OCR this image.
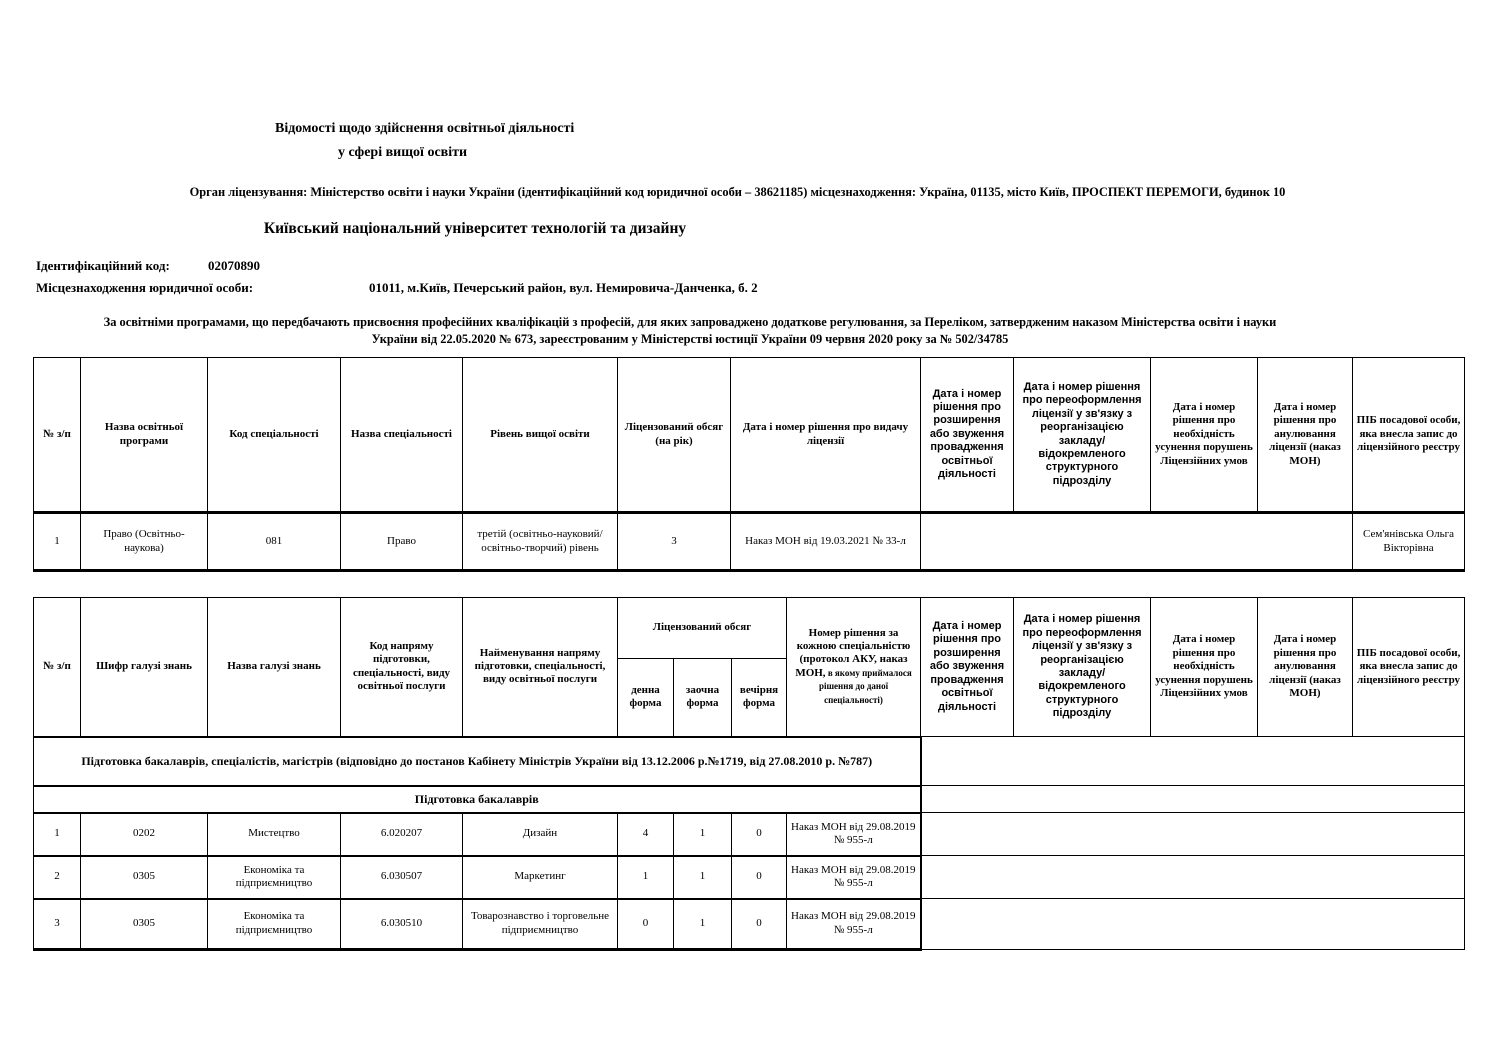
Відомості щодо здійснення освітньої діяльності
у сфері вищої освіти
Орган ліцензування: Міністерство освіти і науки України (ідентифікаційний код юридичної особи – 38621185) місцезнаходження: Україна, 01135, місто Київ, ПРОСПЕКТ ПЕРЕМОГИ, будинок 10
Київський національний університет технологій та дизайну
Ідентифікаційний код:	02070890
Місцезнаходження юридичної особи:	01011, м.Київ, Печерський район, вул. Немировича-Данченка, б. 2
За освітніми програмами, що передбачають присвоєння професійних кваліфікацій з професій, для яких запроваджено додаткове регулювання, за Переліком, затвердженим наказом Міністерства освіти і науки
України від 22.05.2020 № 673, зареєстрованим у Міністерстві юстиції України 09 червня 2020 року за № 502/34785
№ з/п	Назва освітньої програми	Код спеціальності	Назва спеціальності	Рівень вищої освіти	Ліцензований обсяг (на рік)	Дата і номер рішення про видачу ліцензії	Дата і номер рішення про розширення або звуження провадження освітньої діяльності	Дата і номер рішення про переоформлення ліцензії у зв'язку з реорганізацією закладу/відокремленого структурного підрозділу	Дата і номер рішення про необхідність усунення порушень Ліцензійних умов	Дата і номер рішення про анулювання ліцензії (наказ МОН)	ПІБ посадової особи, яка внесла запис до ліцензійного реєстру
1	Право (Освітньо-наукова)	081	Право	третій (освітньо-науковий/освітньо-творчий) рівень	3	Наказ МОН від 19.03.2021 № 33-л					Сем'янівська Ольга Вікторівна
№ з/п	Шифр галузі знань	Назва галузі знань	Код напряму підготовки, спеціальності, виду освітньої послуги	Найменування напряму підготовки, спеціальності, виду освітньої послуги	Ліцензований обсяг			Номер рішення за кожною спеціальністю (протокол АКУ, наказ МОН, в якому приймалося рішення до даної спеціальності)	Дата і номер рішення про розширення або звуження провадження освітньої діяльності	Дата і номер рішення про переоформлення ліцензії у зв'язку з реорганізацією закладу/відокремленого структурного підрозділу	Дата і номер рішення про необхідність усунення порушень Ліцензійних умов	Дата і номер рішення про анулювання ліцензії (наказ МОН)	ПІБ посадової особи, яка внесла запис до ліцензійного реєстру
					денна форма	заочна форма	вечірня форма						
Підготовка бакалаврів, спеціалістів, магістрів (відповідно до постанов Кабінету Міністрів України від 13.12.2006 р.№1719, від 27.08.2010 р. №787)													
Підготовка бакалаврів													
1	0202	Мистецтво	6.020207	Дизайн	4	1	0	Наказ МОН від 29.08.2019 № 955-л					
2	0305	Економіка та підприємництво	6.030507	Маркетинг	1	1	0	Наказ МОН від 29.08.2019 № 955-л					
3	0305	Економіка та підприємництво	6.030510	Товарознавство і торговельне підприємництво	0	1	0	Наказ МОН від 29.08.2019 № 955-л					
